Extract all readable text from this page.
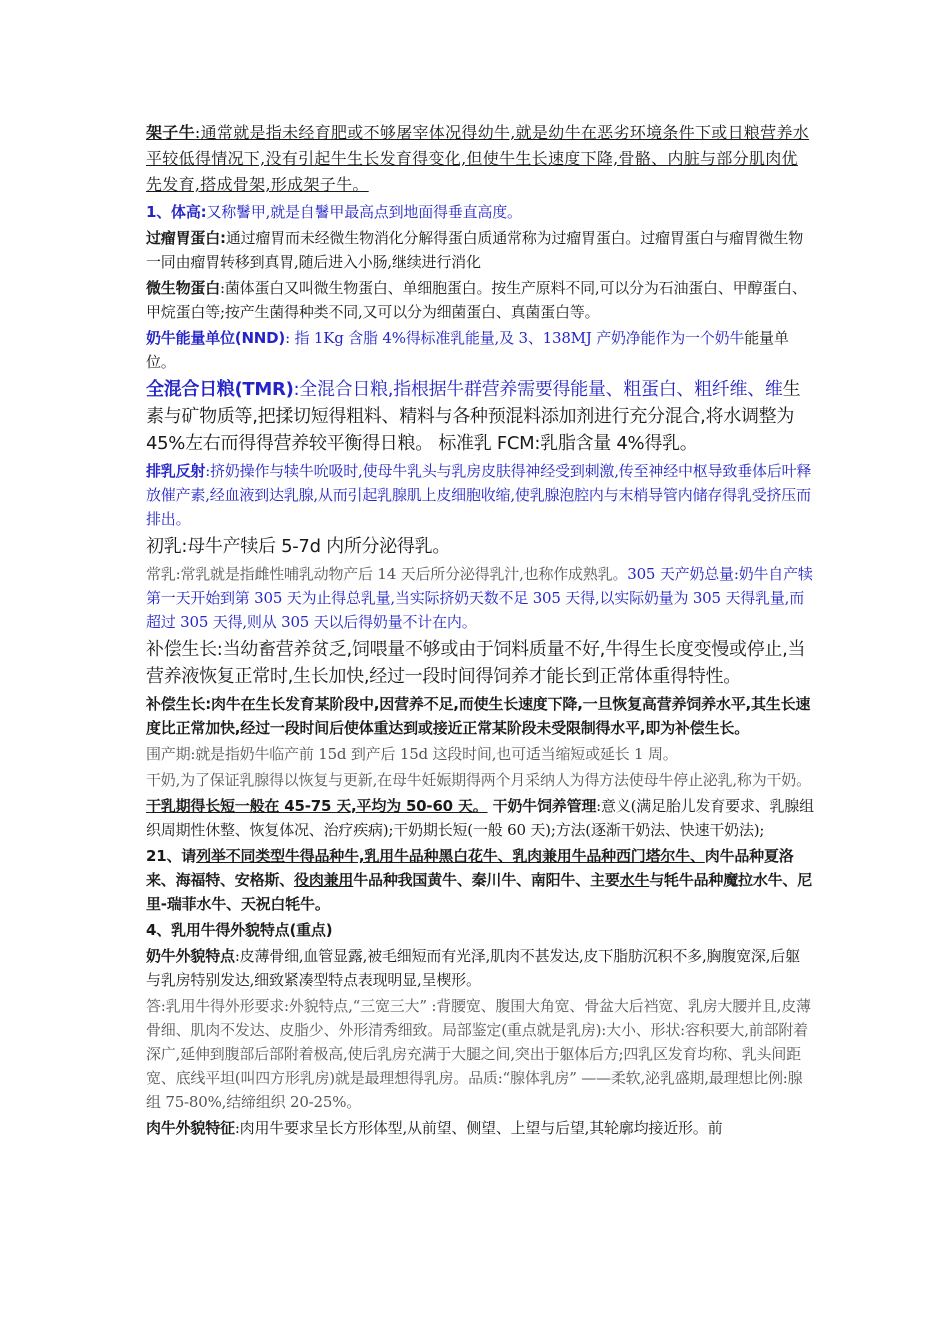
架子牛:通常就是指未经育肥或不够屠宰体况得幼牛,就是幼牛在恶劣环境条件下或日粮营养水平较低得情况下,没有引起牛生长发育得变化,但使牛生长速度下降,骨骼、内脏与部分肌肉优先发育,搭成骨架,形成架子牛。

1、体高:又称鬐甲,就是自鬐甲最高点到地面得垂直高度。

过瘤胃蛋白:通过瘤胃而未经微生物消化分解得蛋白质通常称为过瘤胃蛋白。过瘤胃蛋白与瘤胃微生物一同由瘤胃转移到真胃,随后进入小肠,继续进行消化

微生物蛋白:菌体蛋白又叫微生物蛋白、单细胞蛋白。按生产原料不同,可以分为石油蛋白、甲醇蛋白、甲烷蛋白等;按产生菌得种类不同,又可以分为细菌蛋白、真菌蛋白等。

奶牛能量单位(NND): 指 1Kg 含脂 4%得标准乳能量,及 3、138MJ 产奶净能作为一个奶牛能量单位。

全混合日粮(TMR):全混合日粮,指根据牛群营养需要得能量、粗蛋白、粗纤维、维生素与矿物质等,把揉切短得粗料、精料与各种预混料添加剂进行充分混合,将水调整为 45%左右而得得营养较平衡得日粮。 标准乳 FCM:乳脂含量 4%得乳。

排乳反射:挤奶操作与犊牛吮吸时,使母牛乳头与乳房皮肤得神经受到刺激,传至神经中枢导致垂体后叶释放催产素,经血液到达乳腺,从而引起乳腺肌上皮细胞收缩,使乳腺泡腔内与末梢导管内储存得乳受挤压而排出。

初乳:母牛产犊后 5-7d 内所分泌得乳。

常乳:常乳就是指雌性哺乳动物产后 14 天后所分泌得乳汁,也称作成熟乳。305 天产奶总量:奶牛自产犊第一天开始到第 305 天为止得总乳量,当实际挤奶天数不足 305 天得,以实际奶量为 305 天得乳量,而超过 305 天得,则从 305 天以后得奶量不计在内。

补偿生长:当幼畜营养贫乏,饲喂量不够或由于饲料质量不好,牛得生长度变慢或停止,当营养液恢复正常时,生长加快,经过一段时间得饲养才能长到正常体重得特性。

补偿生长:肉牛在生长发育某阶段中,因营养不足,而使生长速度下降,一旦恢复高营养饲养水平,其生长速度比正常加快,经过一段时间后使体重达到或接近正常某阶段未受限制得水平,即为补偿生长。

围产期:就是指奶牛临产前 15d 到产后 15d 这段时间,也可适当缩短或延长 1 周。

干奶,为了保证乳腺得以恢复与更新,在母牛妊娠期得两个月采纳人为得方法使母牛停止泌乳,称为干奶。

干乳期得长短一般在 45-75 天,平均为 50-60 天。 干奶牛饲养管理:意义(满足胎儿发育要求、乳腺组织周期性休整、恢复体况、治疗疾病);干奶期长短(一般 60 天);方法(逐渐干奶法、快速干奶法);

21、请列举不同类型牛得品种牛,乳用牛品种黑白花牛、乳肉兼用牛品种西门塔尔牛、肉牛品种夏洛来、海福特、安格斯、役肉兼用牛品种我国黄牛、秦川牛、南阳牛、主要水牛与牦牛品种魔拉水牛、尼里-瑞菲水牛、天祝白牦牛。

4、乳用牛得外貌特点(重点)

奶牛外貌特点:皮薄骨细,血管显露,被毛细短而有光泽,肌肉不甚发达,皮下脂肪沉积不多,胸腹宽深,后躯与乳房特别发达,细致紧凑型特点表现明显,呈楔形。

答:乳用牛得外形要求:外貌特点,“三宽三大” :背腰宽、腹围大角宽、骨盆大后裆宽、乳房大腰并且,皮薄骨细、肌肉不发达、皮脂少、外形清秀细致。局部鉴定(重点就是乳房):大小、形状:容积要大,前部附着深广,延伸到腹部后部附着极高,使后乳房充满于大腿之间,突出于躯体后方;四乳区发育均称、乳头间距宽、底线平坦(叫四方形乳房)就是最理想得乳房。品质:“腺体乳房” ——柔软,泌乳盛期,最理想比例:腺组 75-80%,结缔组织 20-25%。

肉牛外貌特征:肉用牛要求呈长方形体型,从前望、侧望、上望与后望,其轮廓均接近形。前
